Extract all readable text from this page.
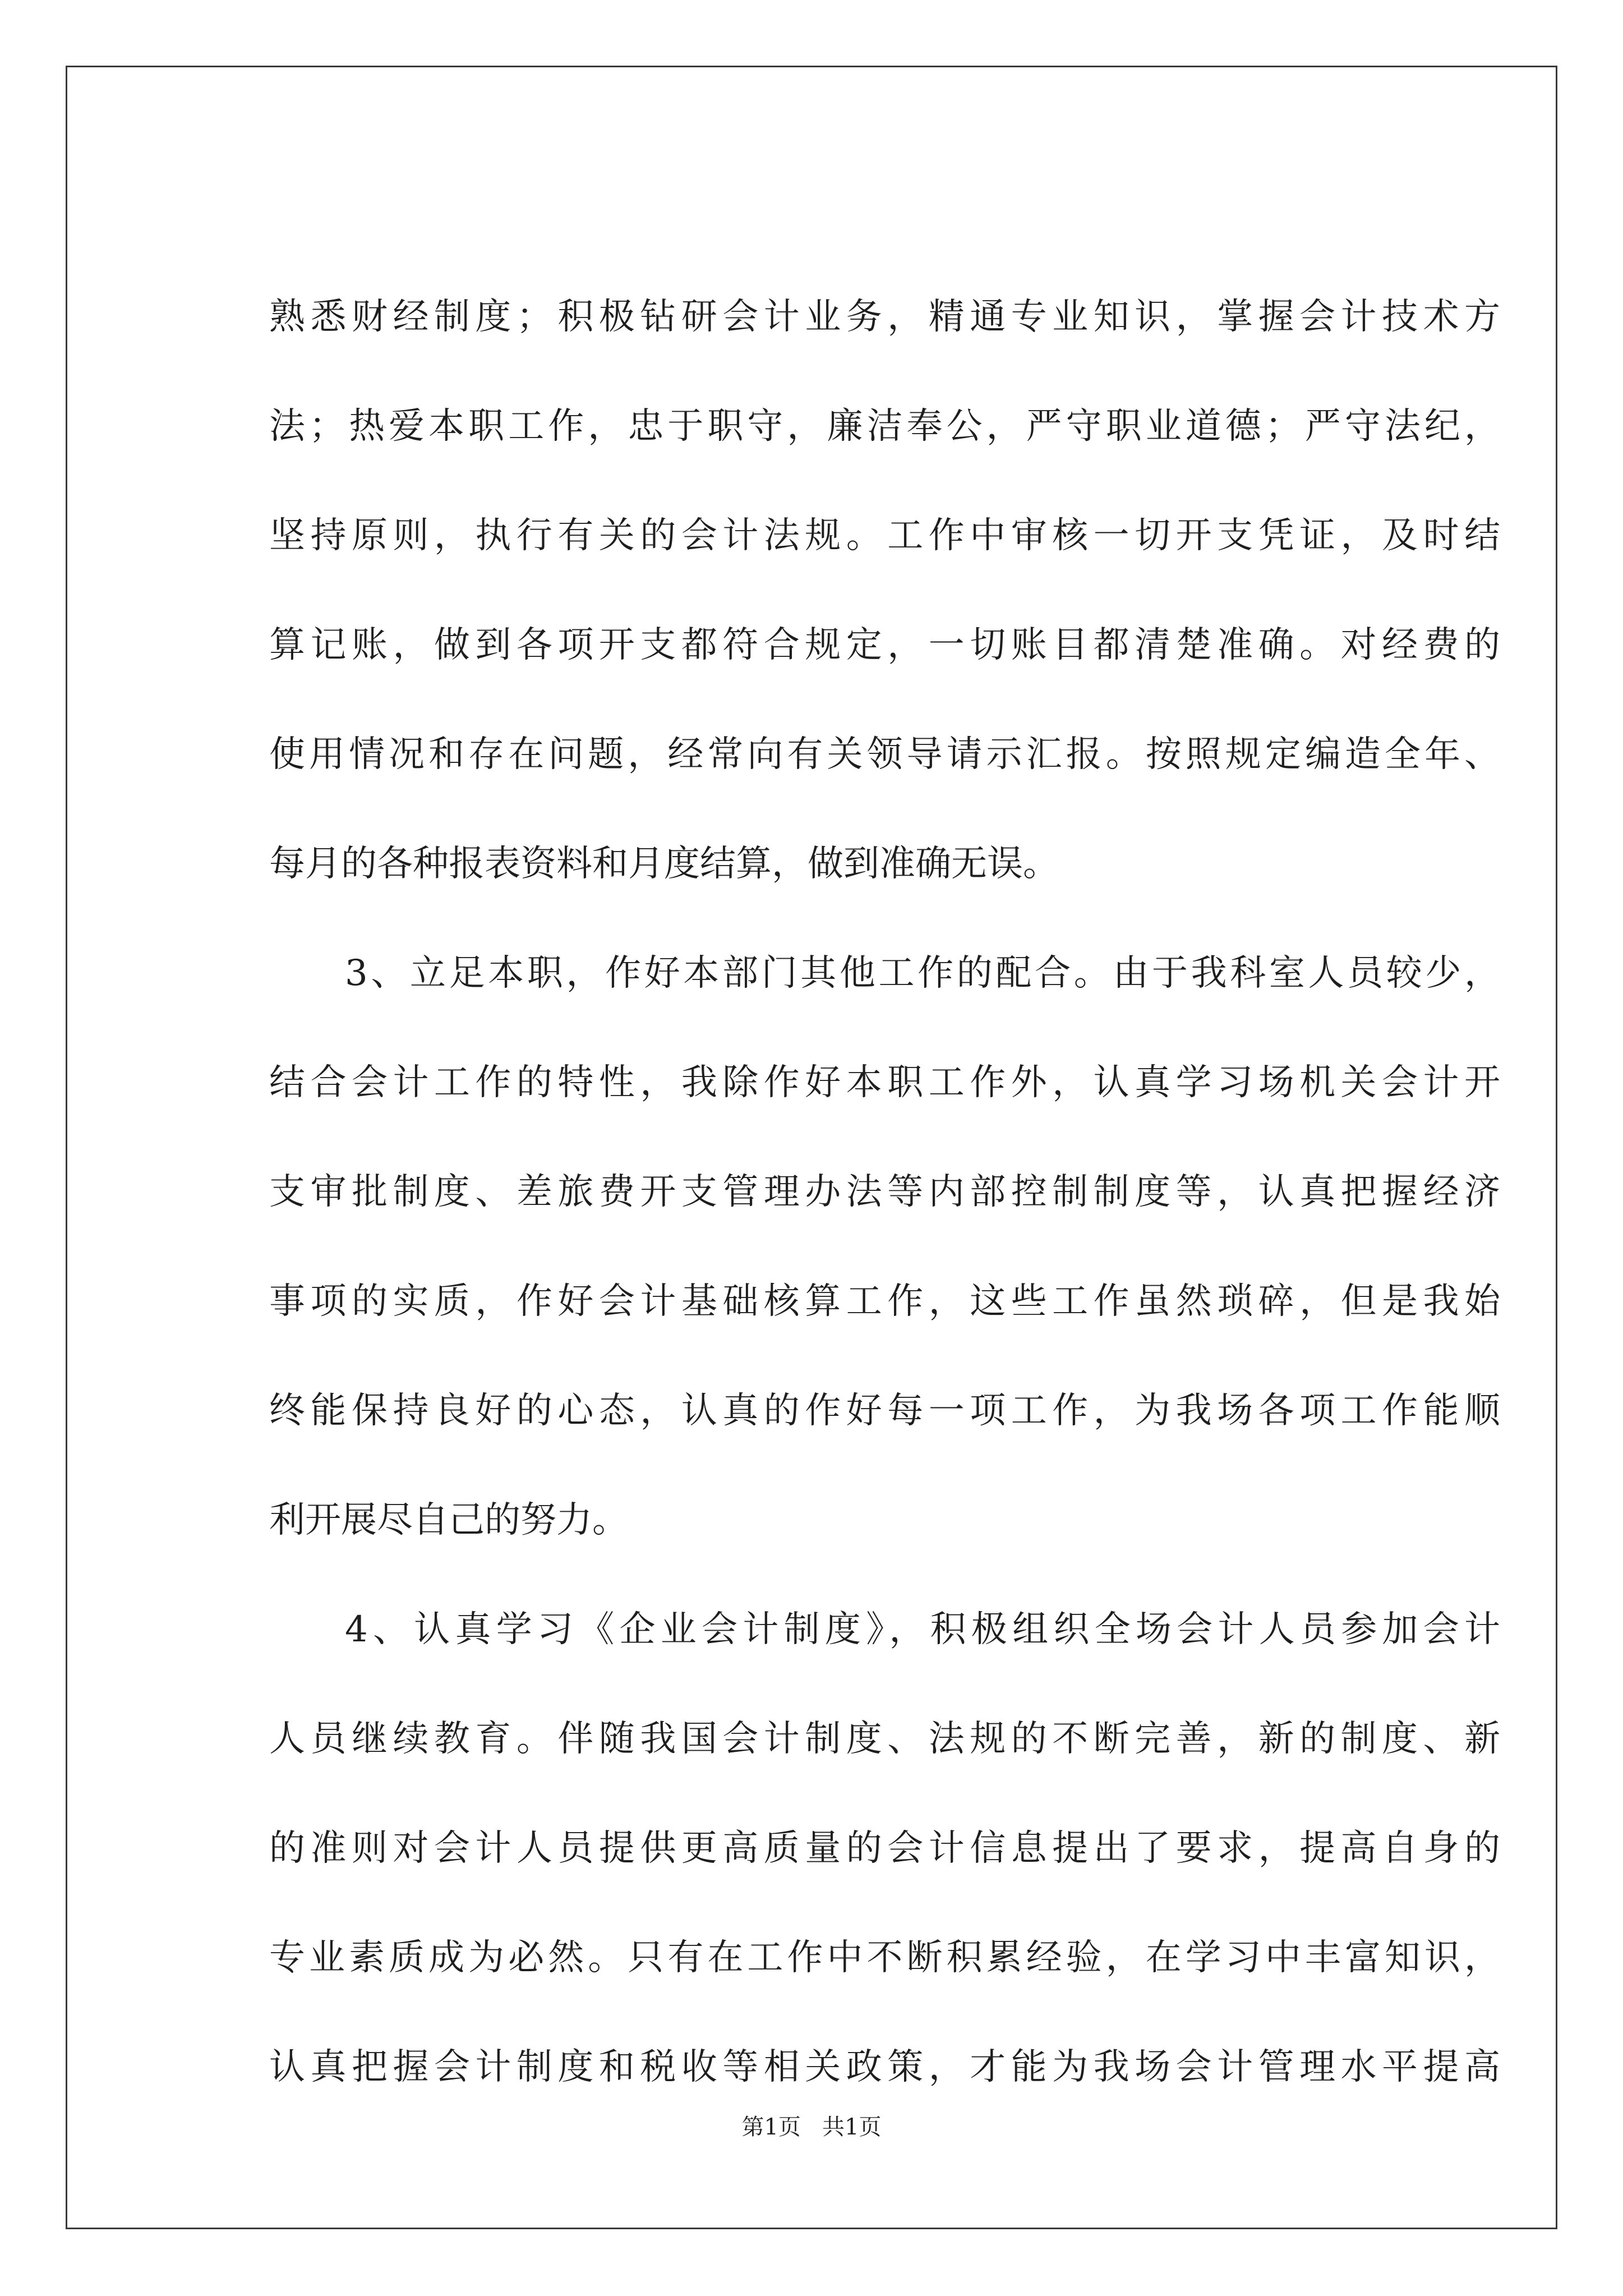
熟悉财经制度；积极钻研会计业务，精通专业知识，掌握会计技术方
法；热爱本职工作，忠于职守，廉洁奉公，严守职业道德；严守法纪，
坚持原则，执行有关的会计法规。工作中审核一切开支凭证，及时结
算记账，做到各项开支都符合规定，一切账目都清楚准确。对经费的
使用情况和存在问题，经常向有关领导请示汇报。按照规定编造全年、
每月的各种报表资料和月度结算，做到准确无误。
3、立足本职，作好本部门其他工作的配合。由于我科室人员较少，
结合会计工作的特性，我除作好本职工作外，认真学习场机关会计开
支审批制度、差旅费开支管理办法等内部控制制度等，认真把握经济
事项的实质，作好会计基础核算工作，这些工作虽然琐碎，但是我始
终能保持良好的心态，认真的作好每一项工作，为我场各项工作能顺
利开展尽自己的努力。
4、认真学习《企业会计制度》，积极组织全场会计人员参加会计
人员继续教育。伴随我国会计制度、法规的不断完善，新的制度、新
的准则对会计人员提供更高质量的会计信息提出了要求，提高自身的
专业素质成为必然。只有在工作中不断积累经验，在学习中丰富知识，
认真把握会计制度和税收等相关政策，才能为我场会计管理水平提高
第1页   共1页
